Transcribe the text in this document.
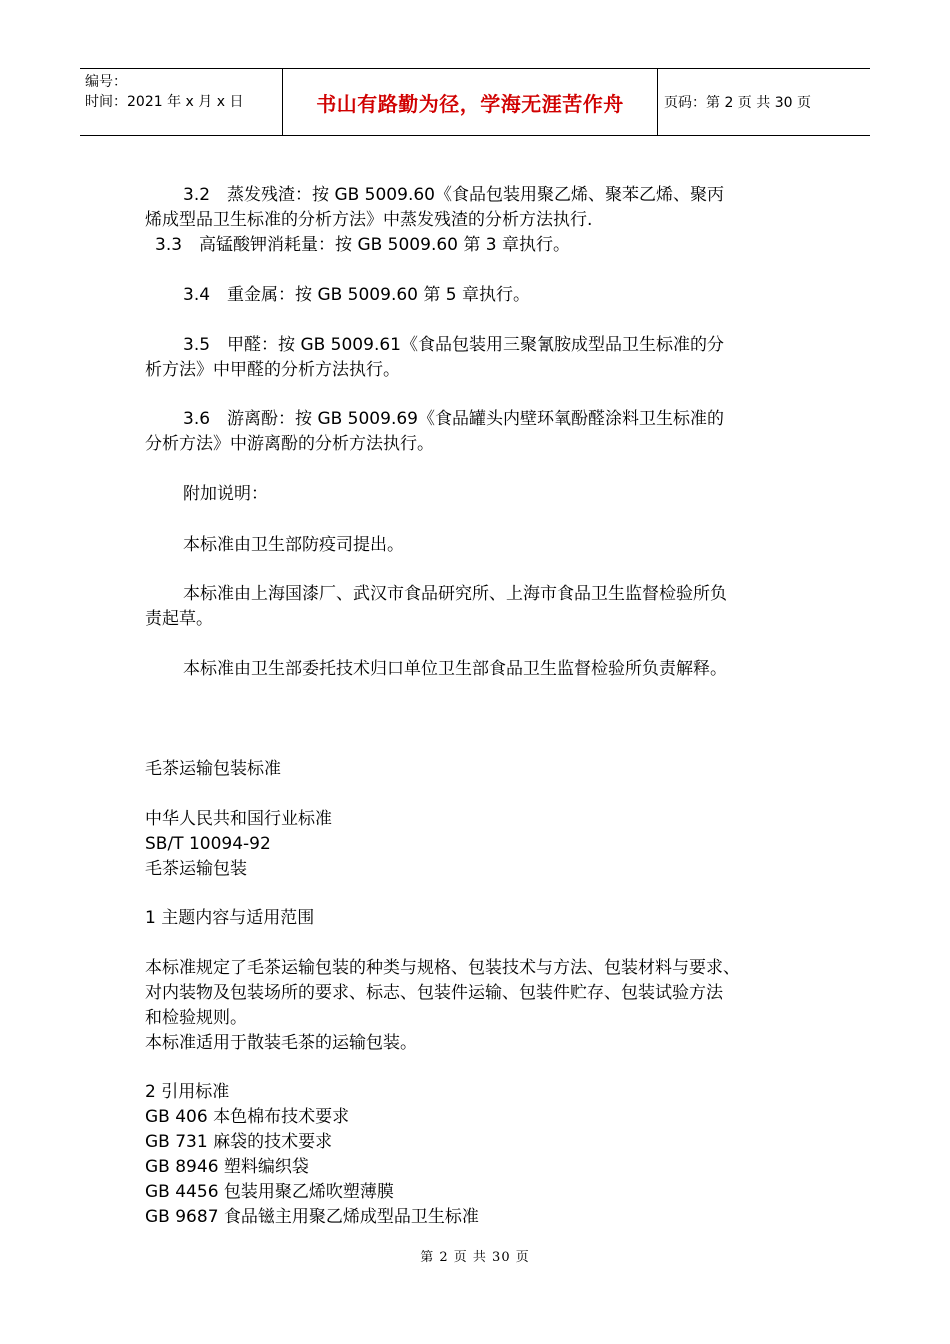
编号：
时间：2021 年 x 月 x 日	书山有路勤为径，学海无涯苦作舟	页码：第 2 页 共 30 页
3.2　蒸发残渣：按 GB 5009.60《食品包装用聚乙烯、聚苯乙烯、聚丙
烯成型品卫生标准的分析方法》中蒸发残渣的分析方法执行.
3.3　高锰酸钾消耗量：按 GB 5009.60 第 3 章执行。
3.4　重金属：按 GB 5009.60 第 5 章执行。
3.5　甲醛：按 GB 5009.61《食品包装用三聚氰胺成型品卫生标准的分
析方法》中甲醛的分析方法执行。
3.6　游离酚：按 GB 5009.69《食品罐头内壁环氧酚醛涂料卫生标准的
分析方法》中游离酚的分析方法执行。
附加说明：
本标准由卫生部防疫司提出。
本标准由上海国漆厂、武汉市食品研究所、上海市食品卫生监督检验所负
责起草。
本标准由卫生部委托技术归口单位卫生部食品卫生监督检验所负责解释。
毛茶运输包装标准
中华人民共和国行业标准
SB/T 10094-92
毛茶运输包装
1 主题内容与适用范围
本标准规定了毛茶运输包装的种类与规格、包装技术与方法、包装材料与要求、
对内装物及包装场所的要求、标志、包装件运输、包装件贮存、包装试验方法
和检验规则。
本标准适用于散装毛茶的运输包装。
2 引用标准
GB 406 本色棉布技术要求
GB 731 麻袋的技术要求
GB 8946 塑料编织袋
GB 4456 包装用聚乙烯吹塑薄膜
GB 9687 食品镃主用聚乙烯成型品卫生标准
第 2 页 共 30 页
